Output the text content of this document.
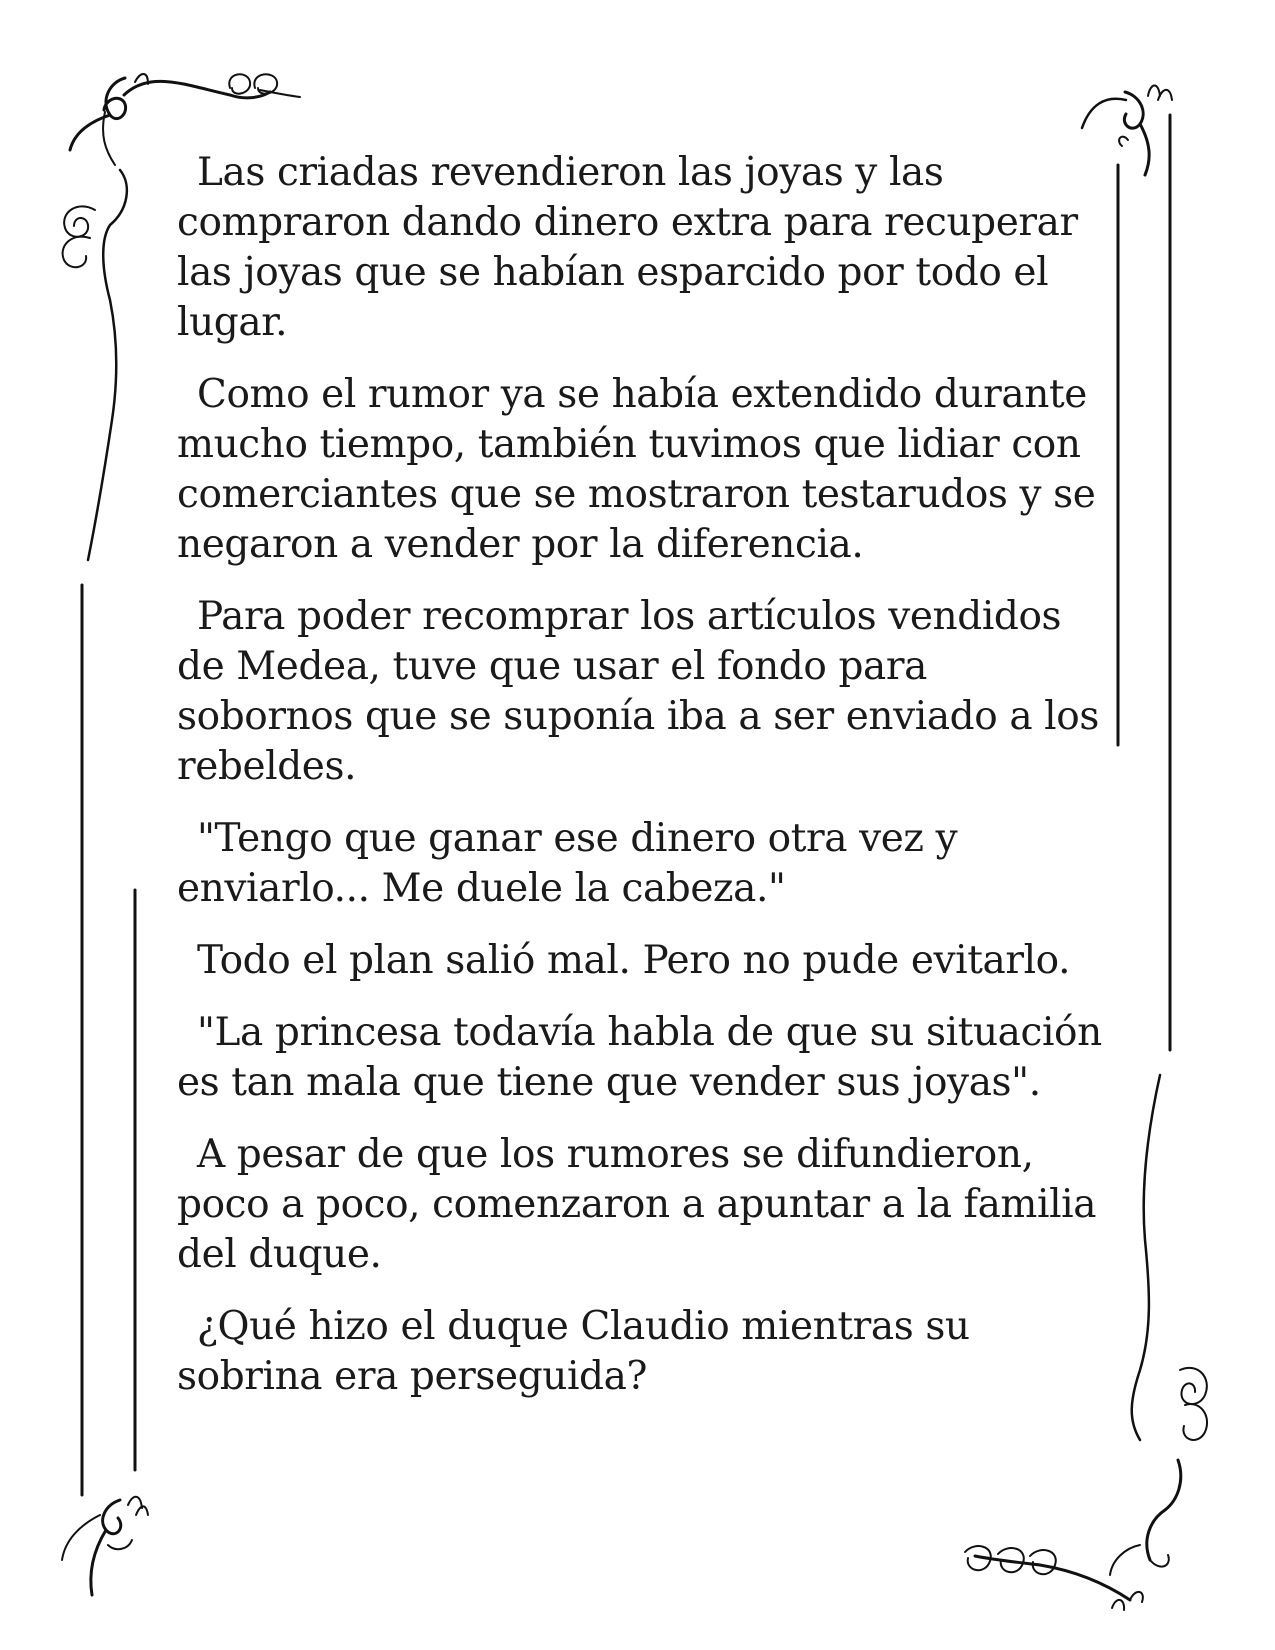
Las criadas revendieron las joyas y las compraron dando dinero extra para recuperar las joyas que se habían esparcido por todo el lugar.

Como el rumor ya se había extendido durante mucho tiempo, también tuvimos que lidiar con comerciantes que se mostraron testarudos y se negaron a vender por la diferencia.

Para poder recomprar los artículos vendidos de Medea, tuve que usar el fondo para sobornos que se suponía iba a ser enviado a los rebeldes.

"Tengo que ganar ese dinero otra vez y enviarlo... Me duele la cabeza."

Todo el plan salió mal. Pero no pude evitarlo.

"La princesa todavía habla de que su situación es tan mala que tiene que vender sus joyas".

A pesar de que los rumores se difundieron, poco a poco, comenzaron a apuntar a la familia del duque.

¿Qué hizo el duque Claudio mientras su sobrina era perseguida?
